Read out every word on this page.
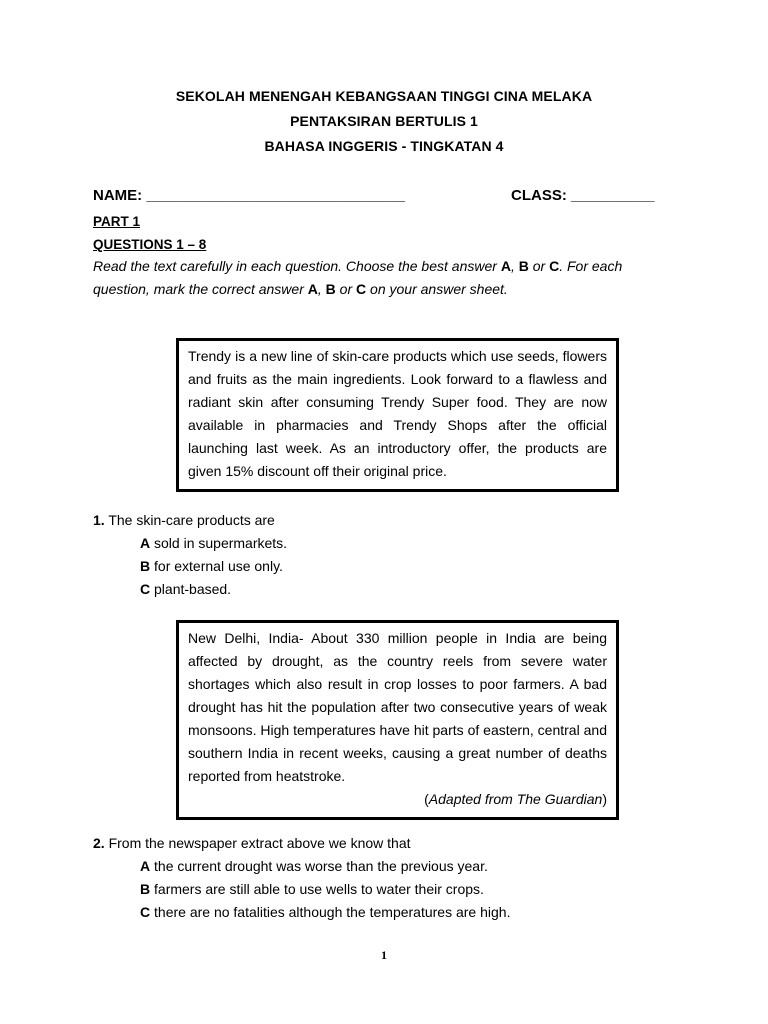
SEKOLAH MENENGAH KEBANGSAAN TINGGI CINA MELAKA
PENTAKSIRAN BERTULIS 1
BAHASA INGGERIS - TINGKATAN 4
NAME: _______________________________	CLASS: __________
PART 1
QUESTIONS 1 – 8
Read the text carefully in each question. Choose the best answer A, B or C. For each question, mark the correct answer A, B or C on your answer sheet.
Trendy is a new line of skin-care products which use seeds, flowers and fruits as the main ingredients. Look forward to a flawless and radiant skin after consuming Trendy Super food. They are now available in pharmacies and Trendy Shops after the official launching last week. As an introductory offer, the products are given 15% discount off their original price.
1. The skin-care products are
A sold in supermarkets.
B for external use only.
C plant-based.
New Delhi, India- About 330 million people in India are being affected by drought, as the country reels from severe water shortages which also result in crop losses to poor farmers. A bad drought has hit the population after two consecutive years of weak monsoons. High temperatures have hit parts of eastern, central and southern India in recent weeks, causing a great number of deaths reported from heatstroke.
(Adapted from The Guardian)
2. From the newspaper extract above we know that
A the current drought was worse than the previous year.
B farmers are still able to use wells to water their crops.
C there are no fatalities although the temperatures are high.
1
